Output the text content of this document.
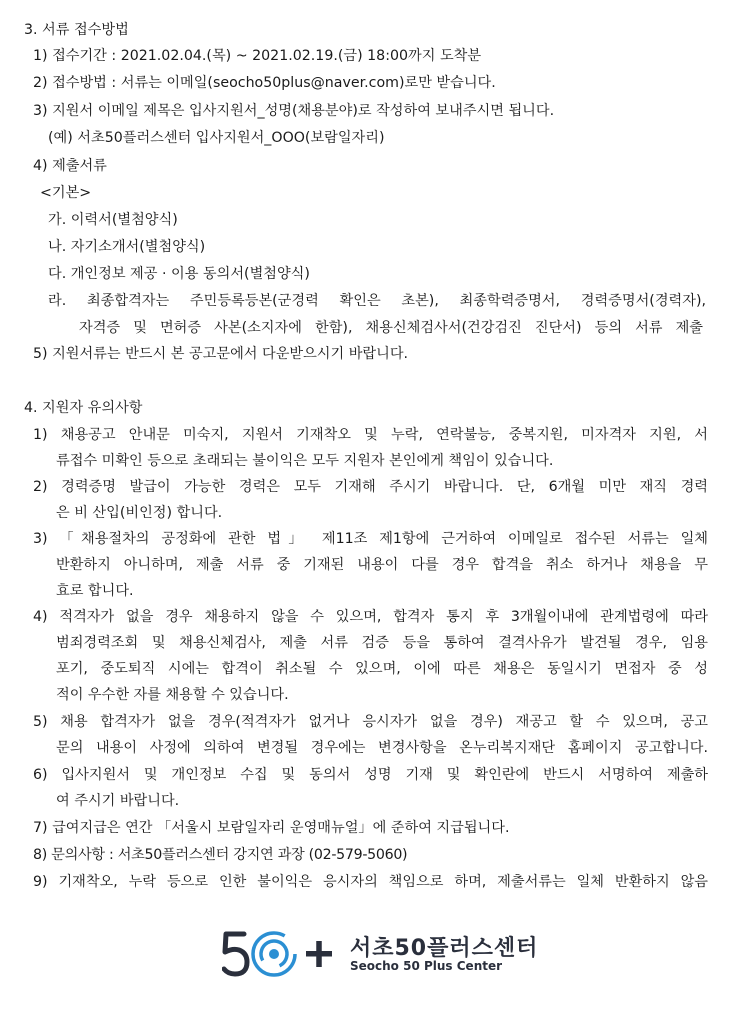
3. 서류 접수방법
1) 접수기간 : 2021.02.04.(목) ~ 2021.02.19.(금) 18:00까지 도착분
2) 접수방법 : 서류는 이메일(seocho50plus@naver.com)로만 받습니다.
3) 지원서 이메일 제목은 입사지원서_성명(채용분야)로 작성하여 보내주시면 됩니다.
(예) 서초50플러스센터 입사지원서_OOO(보람일자리)
4) 제출서류
<기본>
가. 이력서(별첨양식)
나. 자기소개서(별첨양식)
다. 개인정보 제공 · 이용 동의서(별첨양식)
라. 최종합격자는 주민등록등본(군경력 확인은 초본), 최종학력증명서, 경력증명서(경력자),
자격증 및 면허증 사본(소지자에 한함), 채용신체검사서(건강검진 진단서) 등의 서류 제출
5) 지원서류는 반드시 본 공고문에서 다운받으시기 바랍니다.
4. 지원자 유의사항
1) 채용공고 안내문 미숙지, 지원서 기재착오 및 누락, 연락불능, 중복지원, 미자격자 지원, 서
류접수 미확인 등으로 초래되는 불이익은 모두 지원자 본인에게 책임이 있습니다.
2) 경력증명 발급이 가능한 경력은 모두 기재해 주시기 바랍니다. 단, 6개월 미만 재직 경력
은 비 산입(비인정) 합니다.
3) 「채용절차의 공정화에 관한 법」 제11조 제1항에 근거하여 이메일로 접수된 서류는 일체
반환하지 아니하며, 제출 서류 중 기재된 내용이 다를 경우 합격을 취소 하거나 채용을 무
효로 합니다.
4) 적격자가 없을 경우 채용하지 않을 수 있으며, 합격자 통지 후 3개월이내에 관계법령에 따라
범죄경력조회 및 채용신체검사, 제출 서류 검증 등을 통하여 결격사유가 발견될 경우, 임용
포기, 중도퇴직 시에는 합격이 취소될 수 있으며, 이에 따른 채용은 동일시기 면접자 중 성
적이 우수한 자를 채용할 수 있습니다.
5) 채용 합격자가 없을 경우(적격자가 없거나 응시자가 없을 경우) 재공고 할 수 있으며, 공고
문의 내용이 사정에 의하여 변경될 경우에는 변경사항을 온누리복지재단 홈페이지 공고합니다.
6) 입사지원서 및 개인정보 수집 및 동의서 성명 기재 및 확인란에 반드시 서명하여 제출하
여 주시기 바랍니다.
7) 급여지급은 연간 「서울시 보람일자리 운영매뉴얼」에 준하여 지급됩니다.
8) 문의사항 : 서초50플러스센터 강지연 과장 (02-579-5060)
9) 기재착오, 누락 등으로 인한 불이익은 응시자의 책임으로 하며, 제출서류는 일체 반환하지 않음
서초50플러스센터
Seocho 50 Plus Center
